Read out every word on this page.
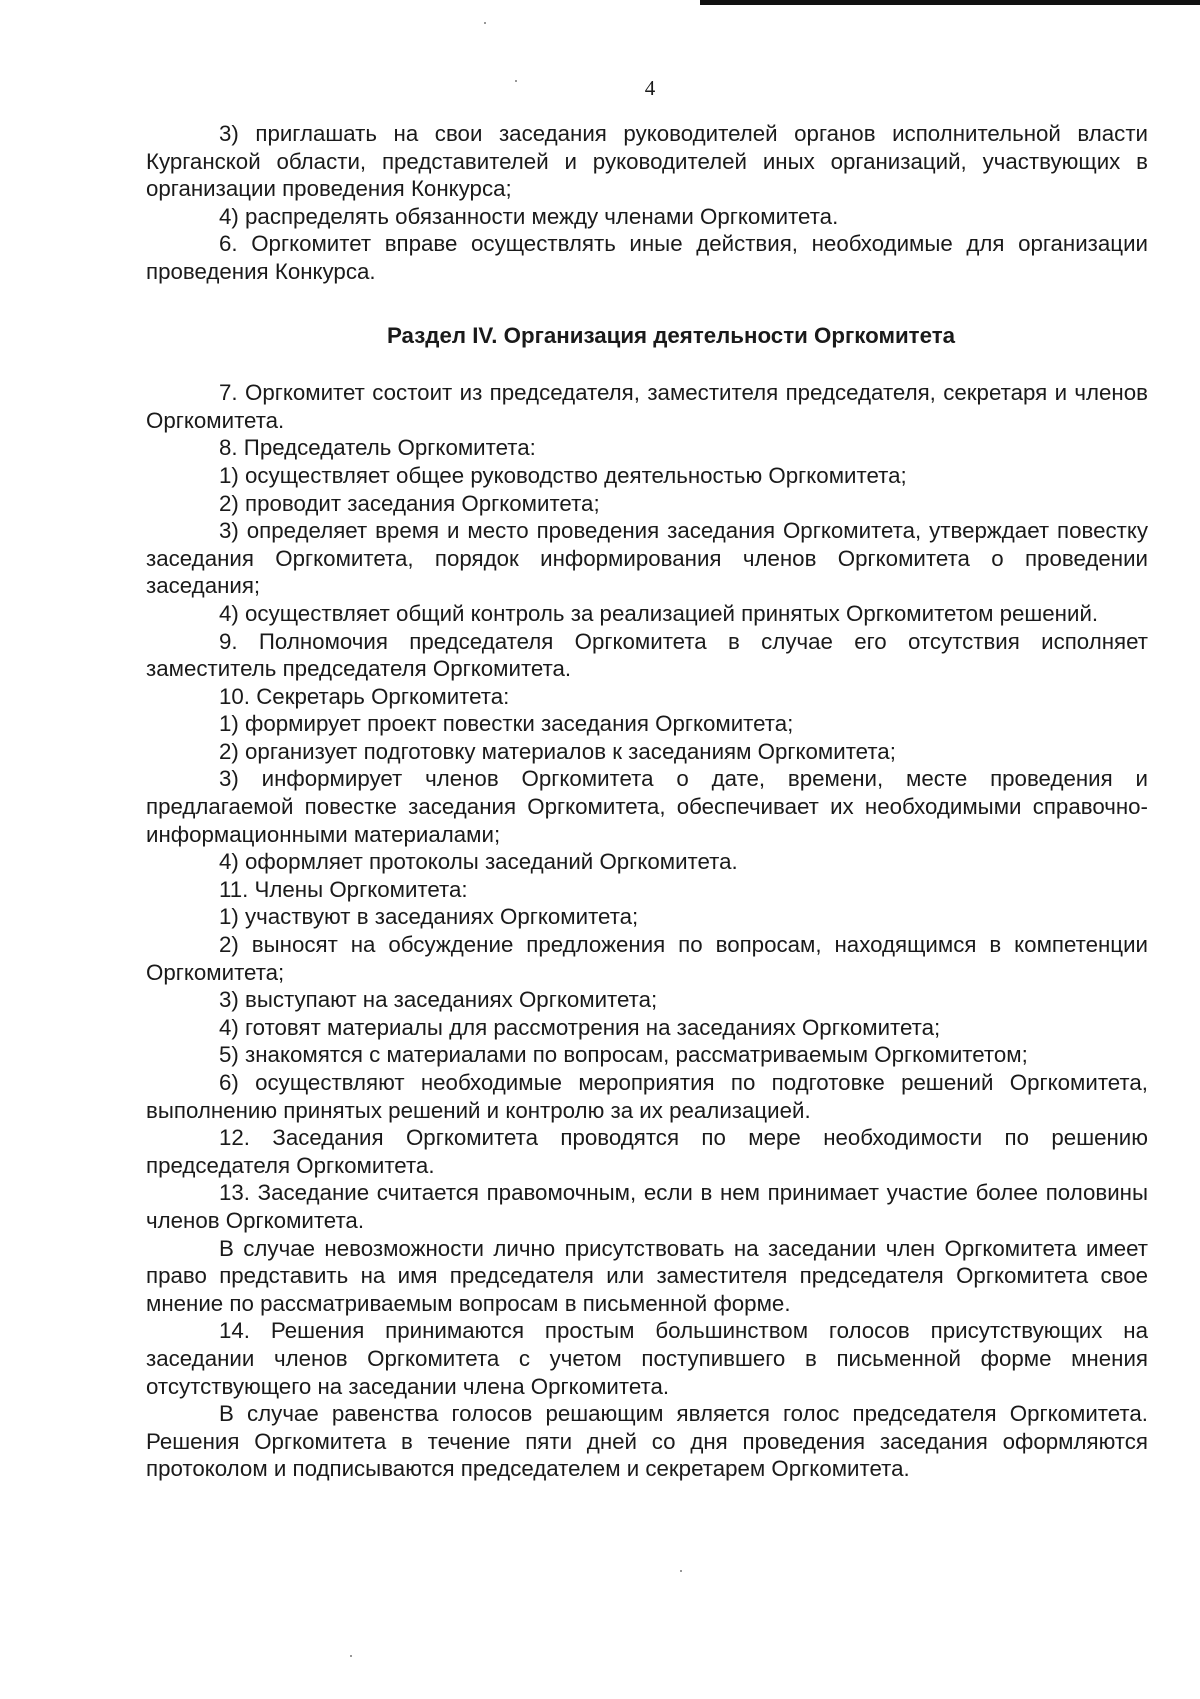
4

3) приглашать на свои заседания руководителей органов исполнительной власти Курганской области, представителей и руководителей иных организаций, участвующих в организации проведения Конкурса;

4) распределять обязанности между членами Оргкомитета.

6. Оргкомитет вправе осуществлять иные действия, необходимые для организации проведения Конкурса.

Раздел IV. Организация деятельности Оргкомитета

7. Оргкомитет состоит из председателя, заместителя председателя, секретаря и членов Оргкомитета.

8. Председатель Оргкомитета:

1) осуществляет общее руководство деятельностью Оргкомитета;

2) проводит заседания Оргкомитета;

3) определяет время и место проведения заседания Оргкомитета, утверждает повестку заседания Оргкомитета, порядок информирования членов Оргкомитета о проведении заседания;

4) осуществляет общий контроль за реализацией принятых Оргкомитетом решений.

9. Полномочия председателя Оргкомитета в случае его отсутствия исполняет заместитель председателя Оргкомитета.

10. Секретарь Оргкомитета:

1) формирует проект повестки заседания Оргкомитета;

2) организует подготовку материалов к заседаниям Оргкомитета;

3) информирует членов Оргкомитета о дате, времени, месте проведения и предлагаемой повестке заседания Оргкомитета, обеспечивает их необходимыми справочно-информационными материалами;

4) оформляет протоколы заседаний Оргкомитета.

11. Члены Оргкомитета:

1) участвуют в заседаниях Оргкомитета;

2) выносят на обсуждение предложения по вопросам, находящимся в компетенции Оргкомитета;

3) выступают на заседаниях Оргкомитета;

4) готовят материалы для рассмотрения на заседаниях Оргкомитета;

5) знакомятся с материалами по вопросам, рассматриваемым Оргкомитетом;

6) осуществляют необходимые мероприятия по подготовке решений Оргкомитета, выполнению принятых решений и контролю за их реализацией.

12. Заседания Оргкомитета проводятся по мере необходимости по решению председателя Оргкомитета.

13. Заседание считается правомочным, если в нем принимает участие более половины членов Оргкомитета.

В случае невозможности лично присутствовать на заседании член Оргкомитета имеет право представить на имя председателя или заместителя председателя Оргкомитета свое мнение по рассматриваемым вопросам в письменной форме.

14. Решения принимаются простым большинством голосов присутствующих на заседании членов Оргкомитета с учетом поступившего в письменной форме мнения отсутствующего на заседании члена Оргкомитета.

В случае равенства голосов решающим является голос председателя Оргкомитета. Решения Оргкомитета в течение пяти дней со дня проведения заседания оформляются протоколом и подписываются председателем и секретарем Оргкомитета.
